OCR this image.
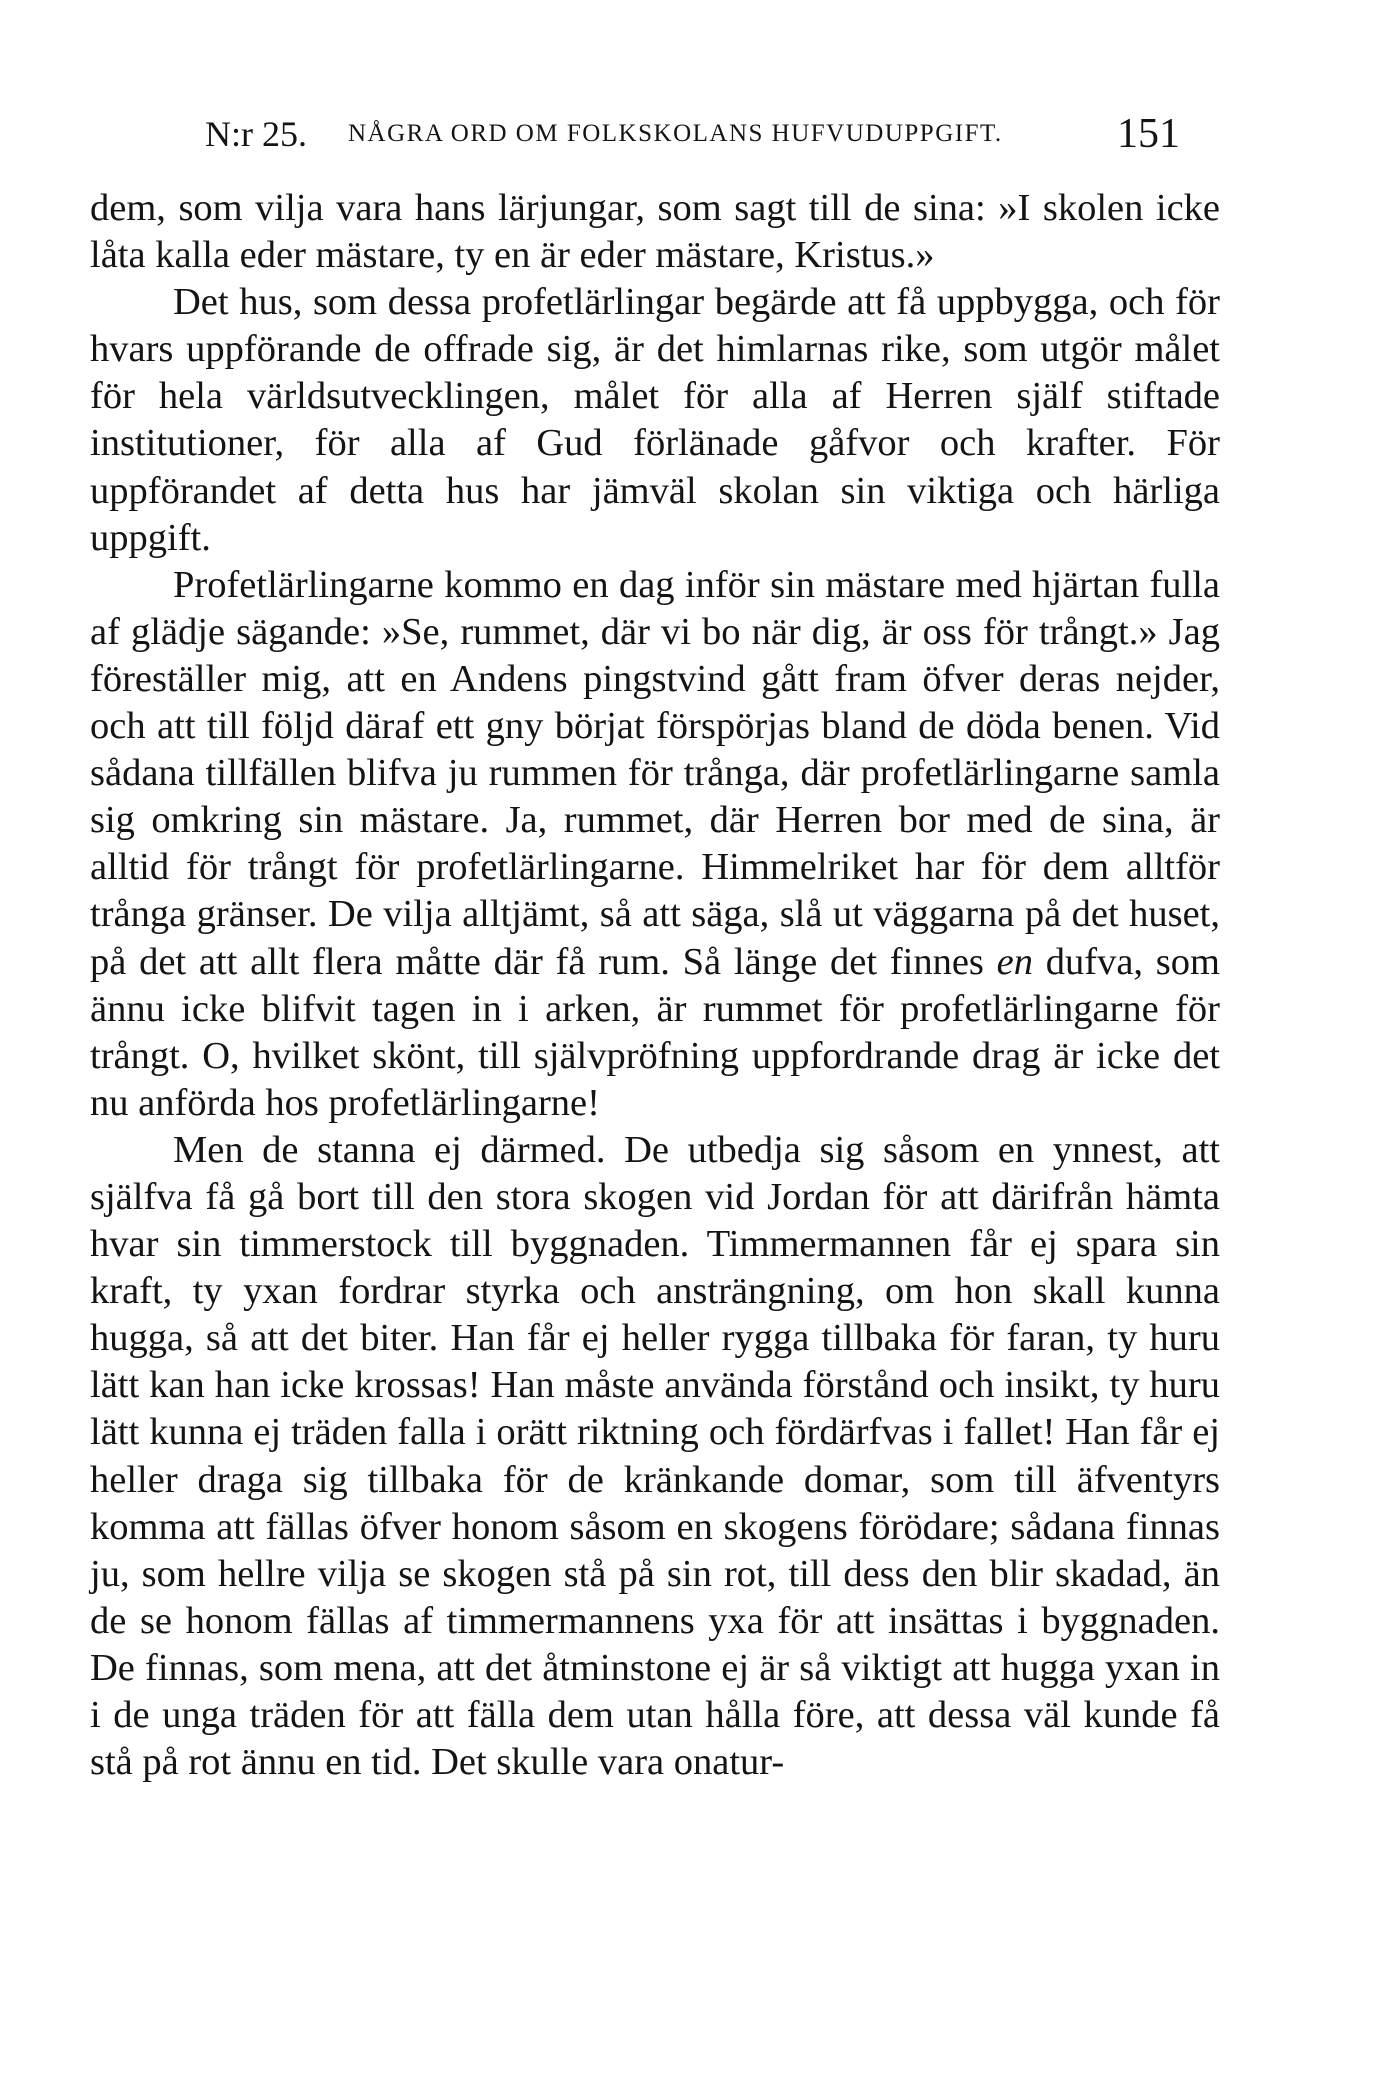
N:r 25. NÅGRA ORD OM FOLKSKOLANS HUFVUDUPPGIFT.	151

dem, som vilja vara hans lärjungar, som sagt till de sina: »I skolen icke låta kalla eder mästare, ty en är eder mästare, Kristus.»

Det hus, som dessa profetlärlingar begärde att få uppbygga, och för hvars uppförande de offrade sig, är det himlarnas rike, som utgör målet för hela världsutvecklingen, målet för alla af Herren själf stiftade institutioner, för alla af Gud förlänade gåfvor och krafter. För uppförandet af detta hus har jämväl skolan sin viktiga och härliga uppgift.

Profetlärlingarne kommo en dag inför sin mästare med hjärtan fulla af glädje sägande: »Se, rummet, där vi bo när dig, är oss för trångt.» Jag föreställer mig, att en Andens pingstvind gått fram öfver deras nejder, och att till följd däraf ett gny börjat förspörjas bland de döda benen. Vid sådana tillfällen blifva ju rummen för trånga, där profetlärlingarne samla sig omkring sin mästare. Ja, rummet, där Herren bor med de sina, är alltid för trångt för profetlärlingarne. Himmelriket har för dem alltför trånga gränser. De vilja alltjämt, så att säga, slå ut väggarna på det huset, på det att allt flera måtte där få rum. Så länge det finnes en dufva, som ännu icke blifvit tagen in i arken, är rummet för profetlärlingarne för trångt. O, hvilket skönt, till självpröfning uppfordrande drag är icke det nu anförda hos profetlärlingarne!

Men de stanna ej därmed. De utbedja sig såsom en ynnest, att själfva få gå bort till den stora skogen vid Jordan för att därifrån hämta hvar sin timmerstock till byggnaden. Timmermannen får ej spara sin kraft, ty yxan fordrar styrka och ansträngning, om hon skall kunna hugga, så att det biter. Han får ej heller rygga tillbaka för faran, ty huru lätt kan han icke krossas! Han måste använda förstånd och insikt, ty huru lätt kunna ej träden falla i orätt riktning och fördärfvas i fallet! Han får ej heller draga sig tillbaka för de kränkande domar, som till äfventyrs komma att fällas öfver honom såsom en skogens förödare; sådana finnas ju, som hellre vilja se skogen stå på sin rot, till dess den blir skadad, än de se honom fällas af timmermannens yxa för att insättas i byggnaden. De finnas, som mena, att det åtminstone ej är så viktigt att hugga yxan in i de unga träden för att fälla dem utan hålla före, att dessa väl kunde få stå på rot ännu en tid. Det skulle vara onatur-
